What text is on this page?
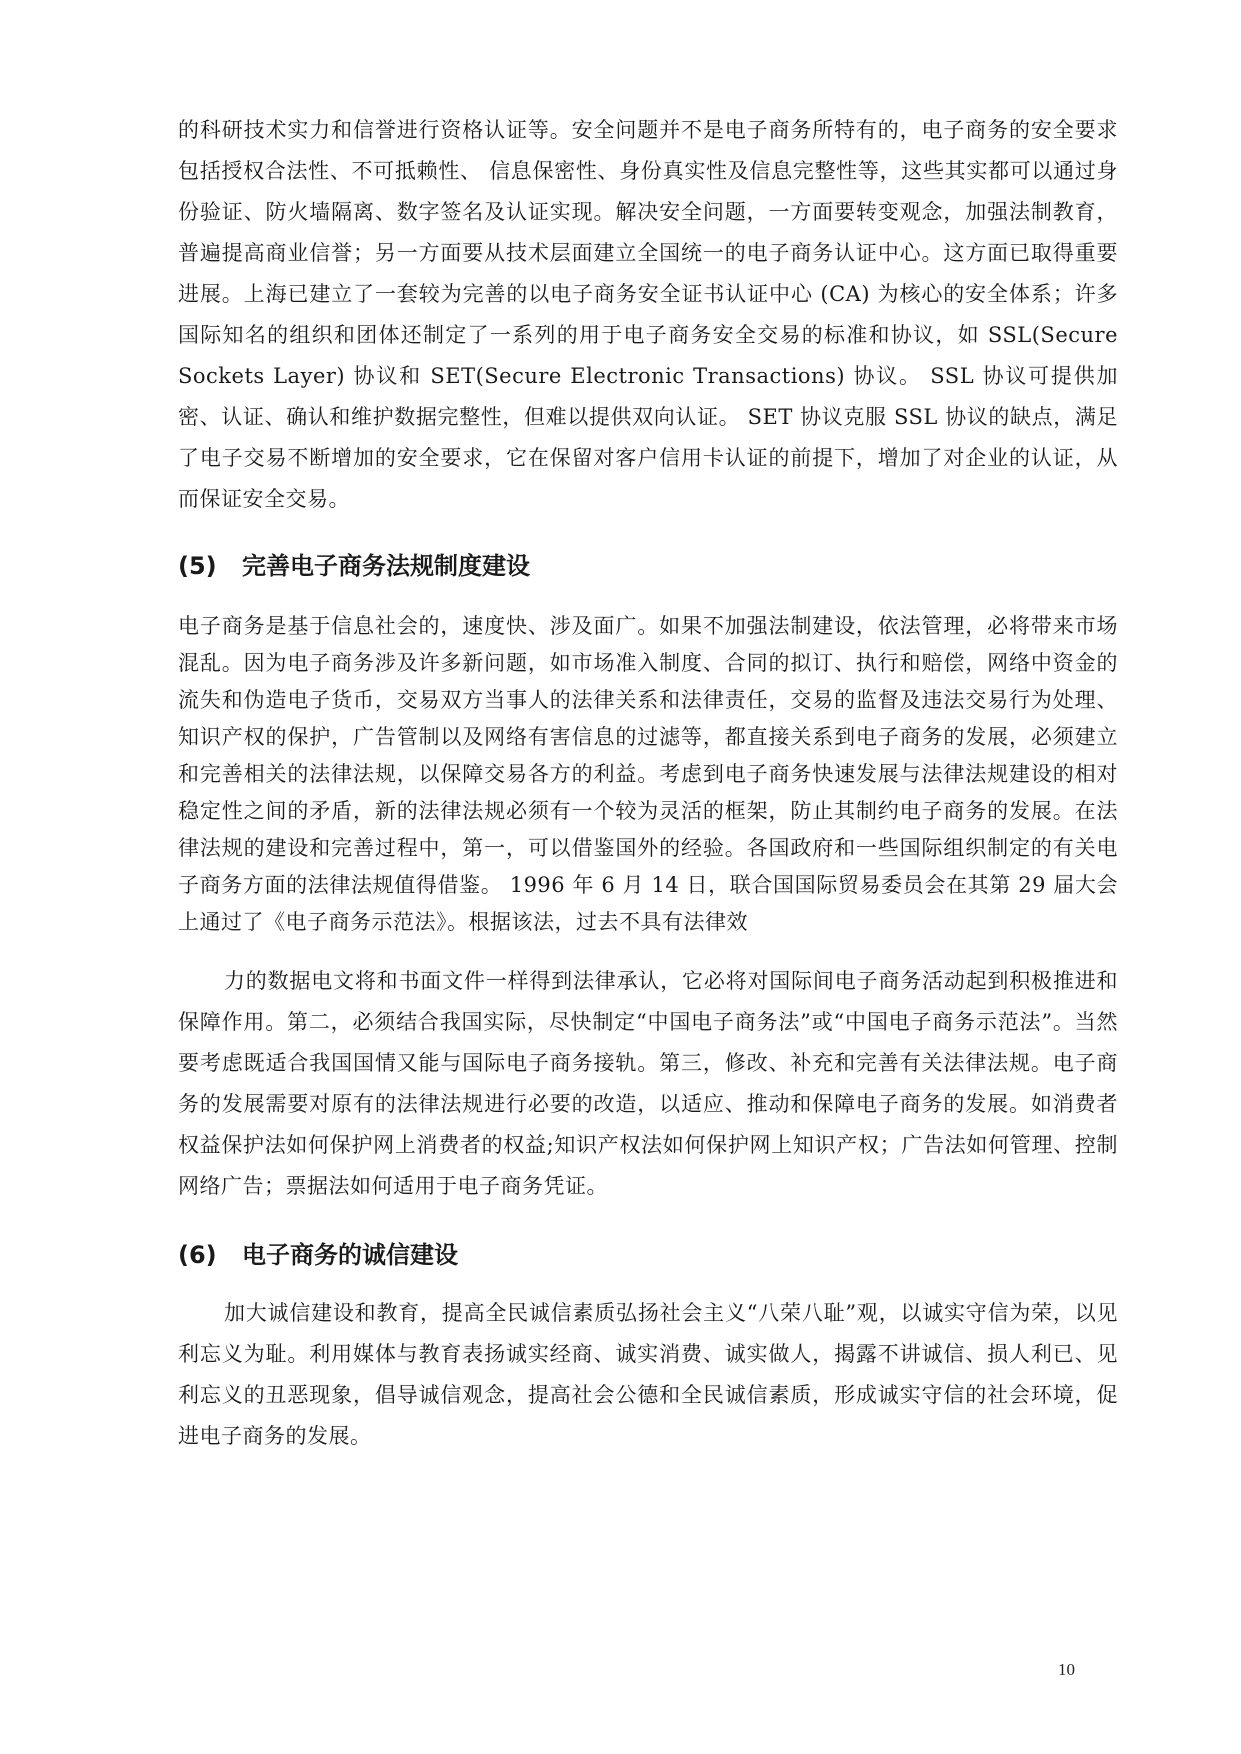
的科研技术实力和信誉进行资格认证等。安全问题并不是电子商务所特有的，电子商务的安全要求包括授权合法性、不可抵赖性、 信息保密性、身份真实性及信息完整性等，这些其实都可以通过身份验证、防火墙隔离、数字签名及认证实现。解决安全问题，一方面要转变观念，加强法制教育，普遍提高商业信誉；另一方面要从技术层面建立全国统一的电子商务认证中心。这方面已取得重要进展。上海已建立了一套较为完善的以电子商务安全证书认证中心 (CA) 为核心的安全体系；许多国际知名的组织和团体还制定了一系列的用于电子商务安全交易的标准和协议，如 SSL(Secure Sockets Layer) 协议和 SET(Secure Electronic Transactions) 协议。 SSL 协议可提供加密、认证、确认和维护数据完整性，但难以提供双向认证。 SET 协议克服 SSL 协议的缺点，满足了电子交易不断增加的安全要求，它在保留对客户信用卡认证的前提下，增加了对企业的认证，从而保证安全交易。

(5)	完善电子商务法规制度建设

电子商务是基于信息社会的，速度快、涉及面广。如果不加强法制建设，依法管理，必将带来市场混乱。因为电子商务涉及许多新问题，如市场准入制度、合同的拟订、执行和赔偿，网络中资金的流失和伪造电子货币，交易双方当事人的法律关系和法律责任，交易的监督及违法交易行为处理、知识产权的保护，广告管制以及网络有害信息的过滤等，都直接关系到电子商务的发展，必须建立和完善相关的法律法规，以保障交易各方的利益。考虑到电子商务快速发展与法律法规建设的相对稳定性之间的矛盾，新的法律法规必须有一个较为灵活的框架，防止其制约电子商务的发展。在法律法规的建设和完善过程中，第一，可以借鉴国外的经验。各国政府和一些国际组织制定的有关电子商务方面的法律法规值得借鉴。 1996 年 6 月 14 日，联合国国际贸易委员会在其第 29 届大会上通过了《电子商务示范法》。根据该法，过去不具有法律效

力的数据电文将和书面文件一样得到法律承认，它必将对国际间电子商务活动起到积极推进和保障作用。第二，必须结合我国实际，尽快制定“中国电子商务法”或“中国电子商务示范法”。当然要考虑既适合我国国情又能与国际电子商务接轨。第三，修改、补充和完善有关法律法规。电子商务的发展需要对原有的法律法规进行必要的改造，以适应、推动和保障电子商务的发展。如消费者权益保护法如何保护网上消费者的权益;知识产权法如何保护网上知识产权；广告法如何管理、控制网络广告；票据法如何适用于电子商务凭证。

(6)	电子商务的诚信建设

加大诚信建设和教育，提高全民诚信素质弘扬社会主义“八荣八耻”观，以诚实守信为荣，以见利忘义为耻。利用媒体与教育表扬诚实经商、诚实消费、诚实做人，揭露不讲诚信、损人利已、见利忘义的丑恶现象，倡导诚信观念，提高社会公德和全民诚信素质，形成诚实守信的社会环境，促进电子商务的发展。

10
